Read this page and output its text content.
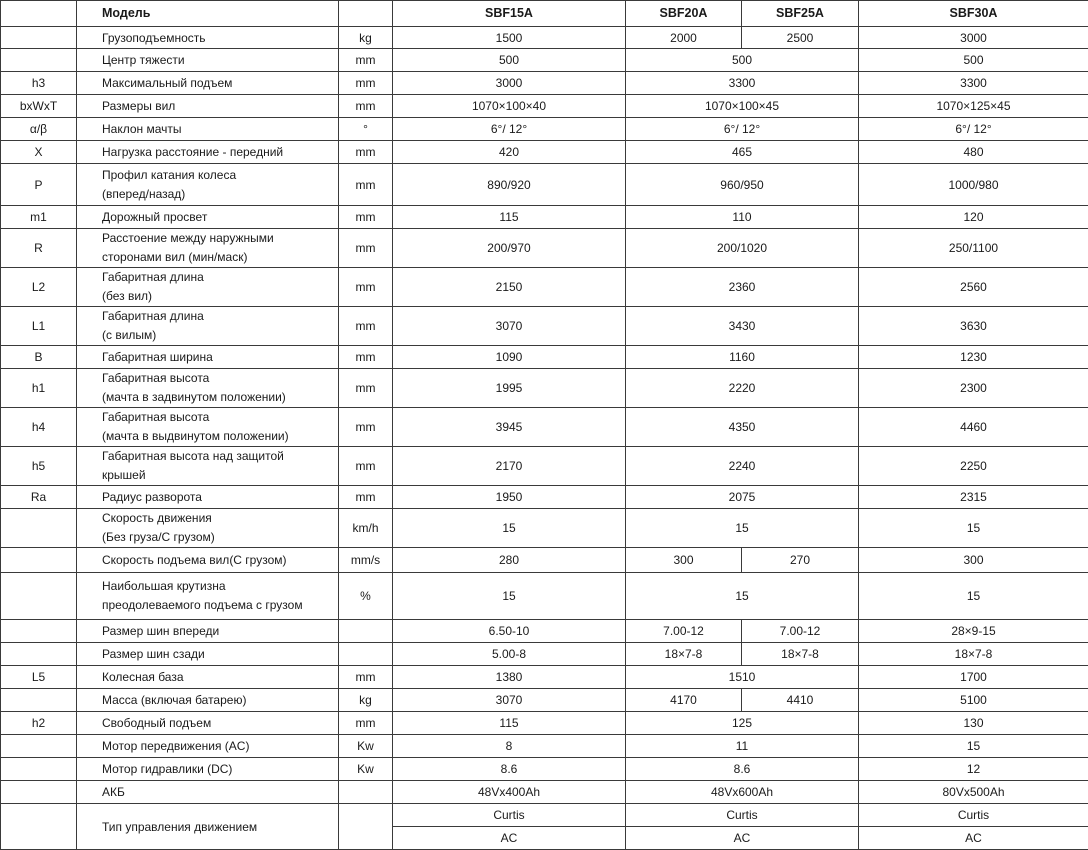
	Модель		SBF15A	SBF20A	SBF25A	SBF30A
	Грузоподъемность	kg	1500	2000	2500	3000
	Центр тяжести	mm	500	500		500
h3	Максимальный подъем	mm	3000	3300		3300
bxWxT	Размеры вил	mm	1070×100×40	1070×100×45		1070×125×45
α/β	Наклон мачты	°	6°/ 12°	6°/ 12°		6°/ 12°
X	Нагрузка расстояние - передний	mm	420	465		480
P	Профил катания колеса
(вперед/назад)	mm	890/920	960/950		1000/980
m1	Дорожный просвет	mm	115	110		120
R	Расстоение между наружными
сторонами вил (мин/маск)	mm	200/970	200/1020		250/1100
L2	Габаритная длина
(без вил)	mm	2150	2360		2560
L1	Габаритная длина
(с вилым)	mm	3070	3430		3630
B	Габаритная ширина	mm	1090	1160		1230
h1	Габаритная высота
(мачта в задвинутом положении)	mm	1995	2220		2300
h4	Габаритная высота
(мачта в выдвинутом положении)	mm	3945	4350		4460
h5	Габаритная высота над защитой
крышей	mm	2170	2240		2250
Ra	Радиус разворота	mm	1950	2075		2315

	Скорость движения
(Без груза/С грузом)	km/h	15	15		15
	Скорость подъема вил(С грузом)	mm/s	280	300	270	300

	Наибольшая крутизна
преодолеваемого подъема с грузом	%	15	15		15
	Размер шин впереди		6.50-10	7.00-12	7.00-12	28×9-15
	Размер шин сзади		5.00-8	18×7-8	18×7-8	18×7-8
L5	Колесная база	mm	1380	1510		1700
	Масса (включая батарею)	kg	3070	4170	4410	5100
h2	Свободный подъем	mm	115	125		130
	Мотор передвижения (AC)	Kw	8	11		15
	Мотор гидравлики (DC)	Kw	8.6	8.6		12
	АКБ		48Vx400Ah	48Vx600Ah		80Vx500Ah
	Тип управления движением		Curtis	Curtis		Curtis
			AC	AC		AC
